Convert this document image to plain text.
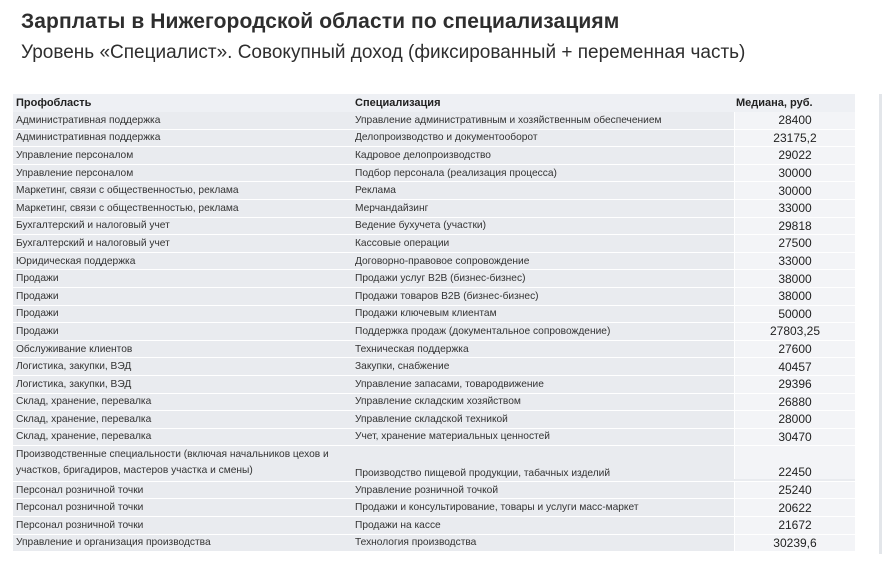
Зарплаты в Нижегородской области по специализациям
Уровень «Специалист». Совокупный доход (фиксированный + переменная часть)
Профобласть	Специализация	Медиана, руб.
Административная поддержка	Управление административным и хозяйственным обеспечением	28400
Административная поддержка	Делопроизводство и документооборот	23175,2
Управление персоналом	Кадровое делопроизводство	29022
Управление персоналом	Подбор персонала (реализация процесса)	30000
Маркетинг, связи с общественностью, реклама	Реклама	30000
Маркетинг, связи с общественностью, реклама	Мерчандайзинг	33000
Бухгалтерский и налоговый учет	Ведение бухучета (участки)	29818
Бухгалтерский и налоговый учет	Кассовые операции	27500
Юридическая поддержка	Договорно-правовое сопровождение	33000
Продажи	Продажи услуг B2B (бизнес-бизнес)	38000
Продажи	Продажи товаров B2B (бизнес-бизнес)	38000
Продажи	Продажи ключевым клиентам	50000
Продажи	Поддержка продаж (документальное сопровождение)	27803,25
Обслуживание клиентов	Техническая поддержка	27600
Логистика, закупки, ВЭД	Закупки, снабжение	40457
Логистика, закупки, ВЭД	Управление запасами, товародвижение	29396
Склад, хранение, перевалка	Управление складским хозяйством	26880
Склад, хранение, перевалка	Управление складской техникой	28000
Склад, хранение, перевалка	Учет, хранение материальных ценностей	30470
Производственные специальности (включая начальников цехов и участков, бригадиров, мастеров участка и смены)	Производство пищевой продукции, табачных изделий	22450
Персонал розничной точки	Управление розничной точкой	25240
Персонал розничной точки	Продажи и консультирование, товары и услуги масс-маркет	20622
Персонал розничной точки	Продажи на кассе	21672
Управление и организация производства	Технология производства	30239,6
